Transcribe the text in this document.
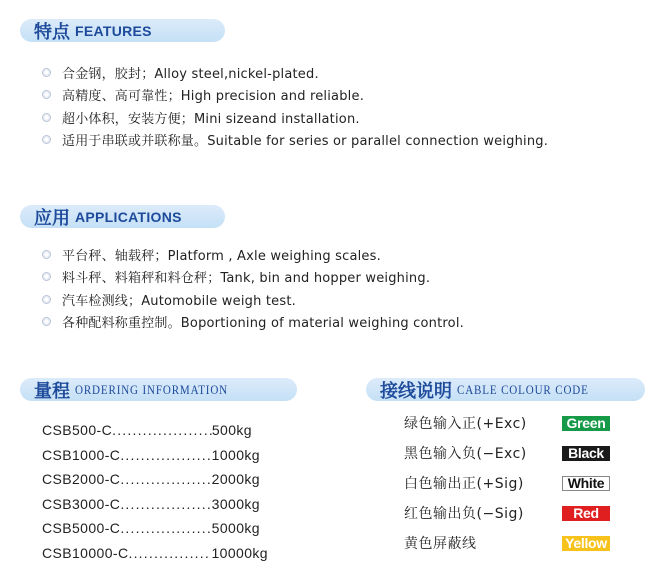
特点 FEATURES
合金钢，胶封；Alloy steel,nickel-plated.
高精度、高可靠性；High precision and reliable.
超小体积，安装方便；Mini sizeand installation.
适用于串联或并联称量。Suitable for series or parallel connection weighing.
应用 APPLICATIONS
平台秤、轴载秤；Platform , Axle weighing scales.
料斗秤、料箱秤和料仓秤；Tank, bin and hopper weighing.
汽车检测线；Automobile weigh test.
各种配料称重控制。Boportioning of material weighing control.
量程 ORDERING INFORMATION
CSB500-C .....	500kg
CSB1000-C .....	1000kg
CSB2000-C .....	2000kg
CSB3000-C .....	3000kg
CSB5000-C .....	5000kg
CSB10000-C .....	10000kg
接线说明 CABLE COLOUR CODE
绿色输入正(+Exc)	Green
黑色输入负(−Exc)	Black
白色输出正(+Sig)	White
红色输出负(−Sig)	Red
黄色屏蔽线	Yellow
